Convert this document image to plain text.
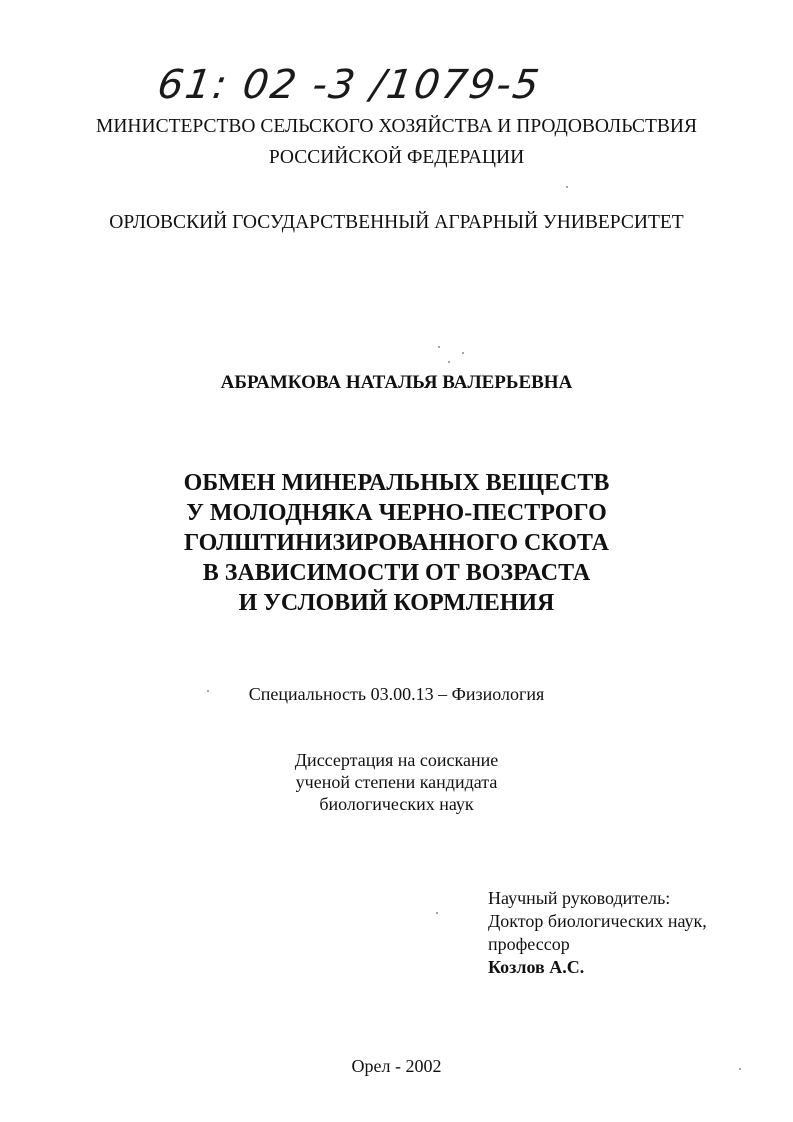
61: 02 -3 /1079-5
МИНИСТЕРСТВО СЕЛЬСКОГО ХОЗЯЙСТВА И ПРОДОВОЛЬСТВИЯ
РОССИЙСКОЙ ФЕДЕРАЦИИ
ОРЛОВСКИЙ ГОСУДАРСТВЕННЫЙ АГРАРНЫЙ УНИВЕРСИТЕТ
АБРАМКОВА НАТАЛЬЯ ВАЛЕРЬЕВНА
ОБМЕН МИНЕРАЛЬНЫХ ВЕЩЕСТВ
У МОЛОДНЯКА ЧЕРНО-ПЕСТРОГО
ГОЛШТИНИЗИРОВАННОГО СКОТА
В ЗАВИСИМОСТИ ОТ ВОЗРАСТА
И УСЛОВИЙ КОРМЛЕНИЯ
Специальность 03.00.13 – Физиология
Диссертация на соискание
ученой степени кандидата
биологических наук
Научный руководитель:
Доктор биологических наук,
профессор
Козлов А.С.
Орел - 2002
